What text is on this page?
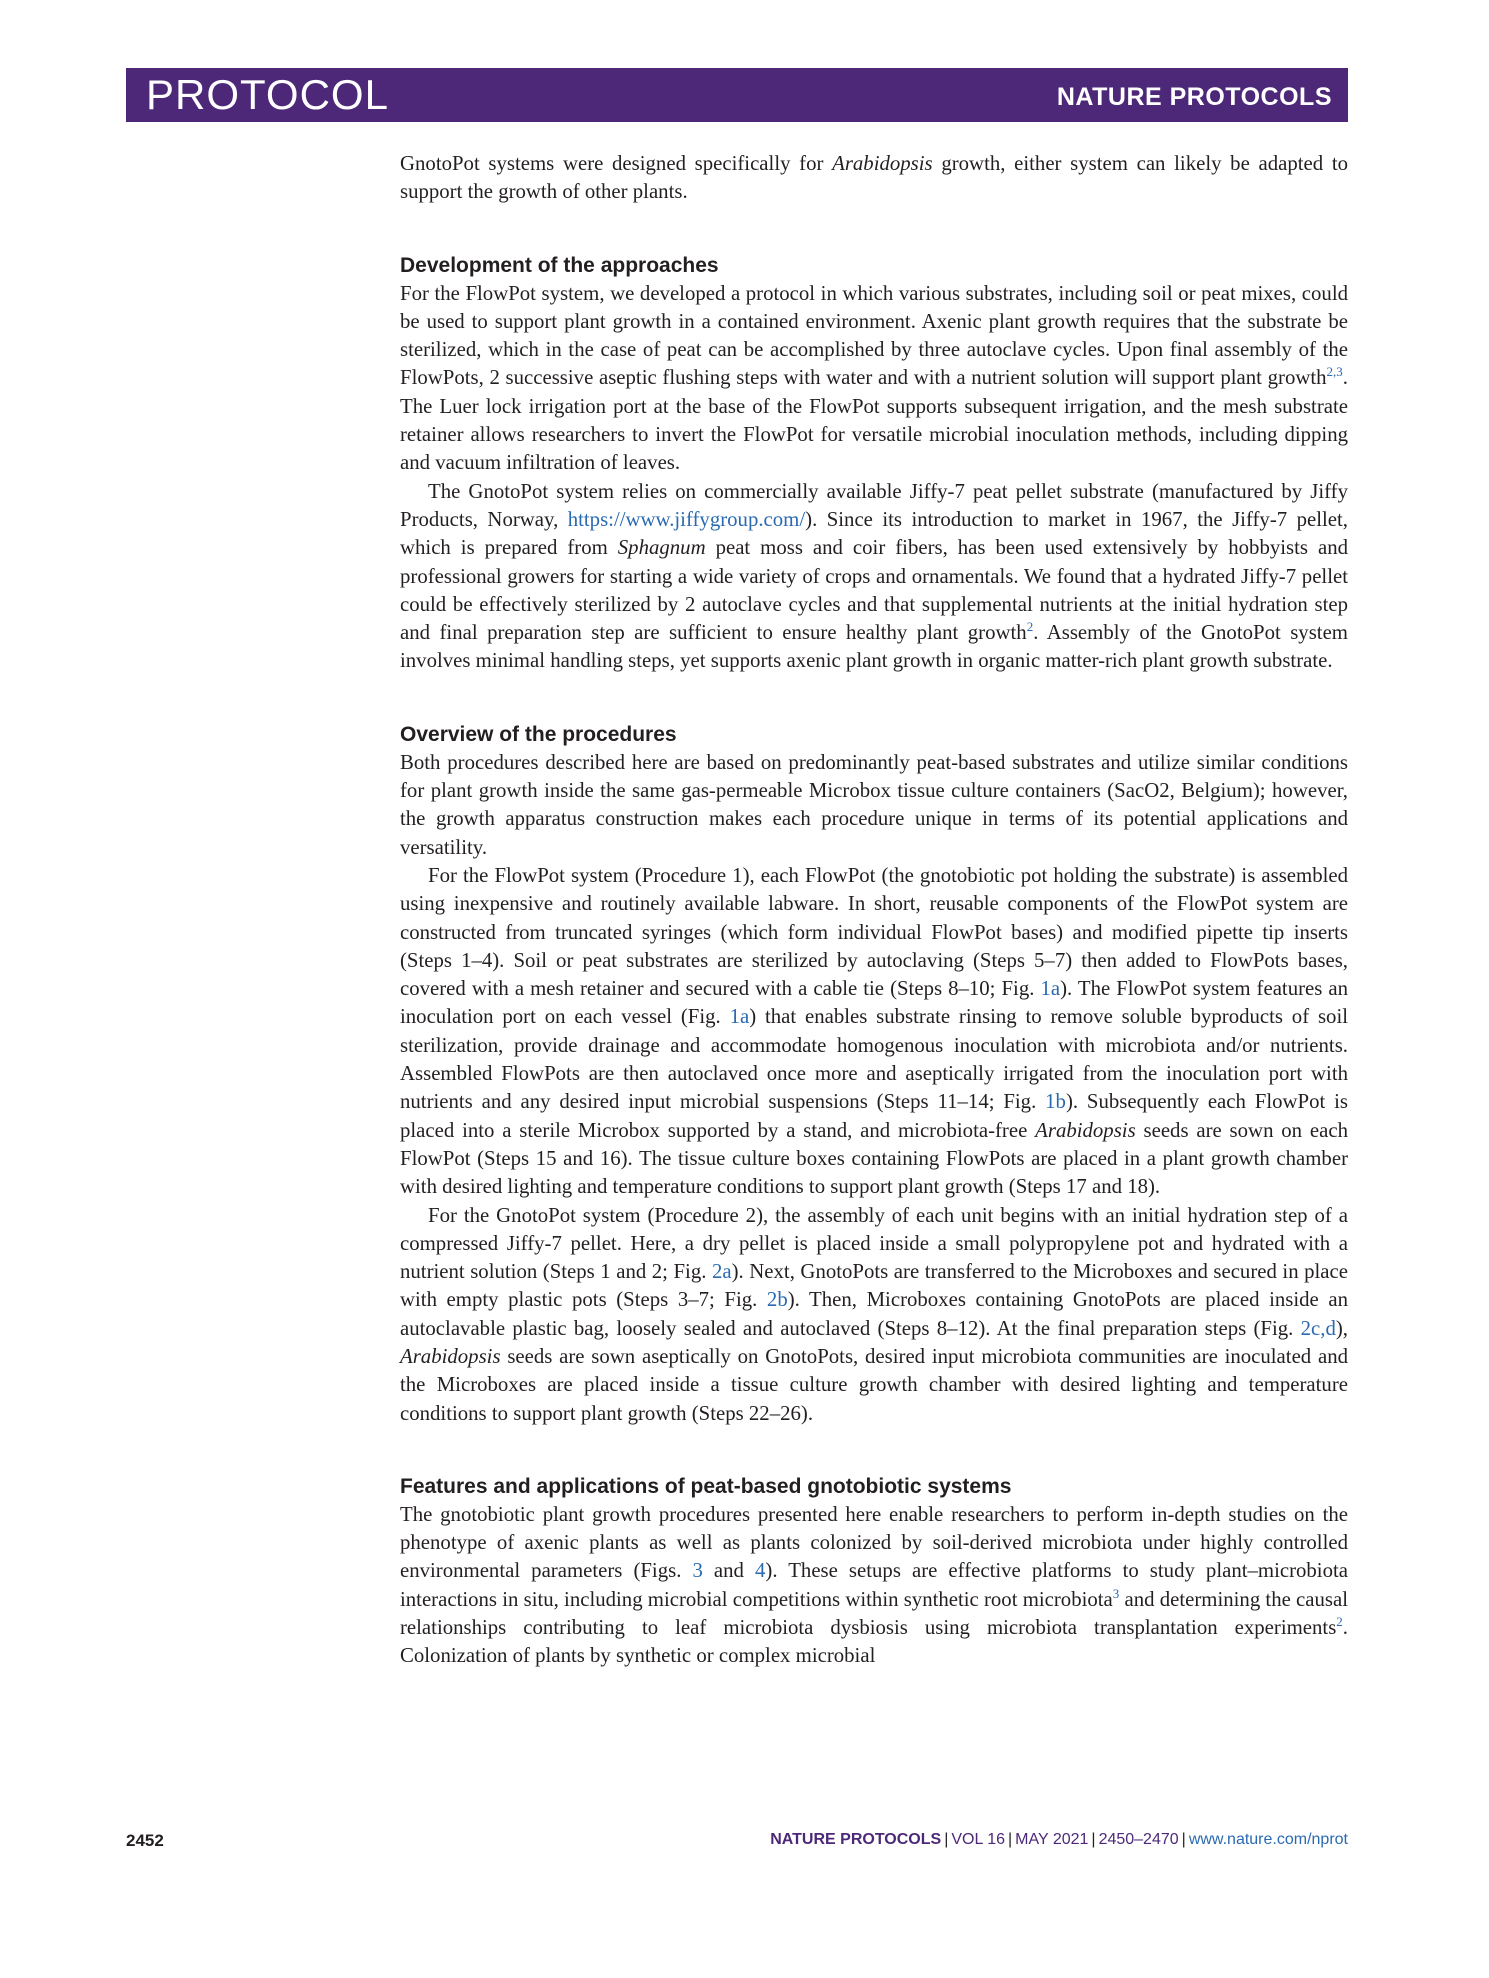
PROTOCOL	NATURE PROTOCOLS

GnotoPot systems were designed specifically for Arabidopsis growth, either system can likely be adapted to support the growth of other plants.

Development of the approaches

For the FlowPot system, we developed a protocol in which various substrates, including soil or peat mixes, could be used to support plant growth in a contained environment. Axenic plant growth requires that the substrate be sterilized, which in the case of peat can be accomplished by three autoclave cycles. Upon final assembly of the FlowPots, 2 successive aseptic flushing steps with water and with a nutrient solution will support plant growth$^{2,3}$. The Luer lock irrigation port at the base of the FlowPot supports subsequent irrigation, and the mesh substrate retainer allows researchers to invert the FlowPot for versatile microbial inoculation methods, including dipping and vacuum infiltration of leaves.

The GnotoPot system relies on commercially available Jiffy-7 peat pellet substrate (manufactured by Jiffy Products, Norway, https://www.jiffygroup.com/). Since its introduction to market in 1967, the Jiffy-7 pellet, which is prepared from Sphagnum peat moss and coir fibers, has been used extensively by hobbyists and professional growers for starting a wide variety of crops and ornamentals. We found that a hydrated Jiffy-7 pellet could be effectively sterilized by 2 autoclave cycles and that supplemental nutrients at the initial hydration step and final preparation step are sufficient to ensure healthy plant growth$^2$. Assembly of the GnotoPot system involves minimal handling steps, yet supports axenic plant growth in organic matter-rich plant growth substrate.

Overview of the procedures

Both procedures described here are based on predominantly peat-based substrates and utilize similar conditions for plant growth inside the same gas-permeable Microbox tissue culture containers (SacO2, Belgium); however, the growth apparatus construction makes each procedure unique in terms of its potential applications and versatility.

For the FlowPot system (Procedure 1), each FlowPot (the gnotobiotic pot holding the substrate) is assembled using inexpensive and routinely available labware. In short, reusable components of the FlowPot system are constructed from truncated syringes (which form individual FlowPot bases) and modified pipette tip inserts (Steps 1–4). Soil or peat substrates are sterilized by autoclaving (Steps 5–7) then added to FlowPots bases, covered with a mesh retainer and secured with a cable tie (Steps 8–10; Fig. 1a). The FlowPot system features an inoculation port on each vessel (Fig. 1a) that enables substrate rinsing to remove soluble byproducts of soil sterilization, provide drainage and accommodate homogenous inoculation with microbiota and/or nutrients. Assembled FlowPots are then autoclaved once more and aseptically irrigated from the inoculation port with nutrients and any desired input microbial suspensions (Steps 11–14; Fig. 1b). Subsequently each FlowPot is placed into a sterile Microbox supported by a stand, and microbiota-free Arabidopsis seeds are sown on each FlowPot (Steps 15 and 16). The tissue culture boxes containing FlowPots are placed in a plant growth chamber with desired lighting and temperature conditions to support plant growth (Steps 17 and 18).

For the GnotoPot system (Procedure 2), the assembly of each unit begins with an initial hydration step of a compressed Jiffy-7 pellet. Here, a dry pellet is placed inside a small polypropylene pot and hydrated with a nutrient solution (Steps 1 and 2; Fig. 2a). Next, GnotoPots are transferred to the Microboxes and secured in place with empty plastic pots (Steps 3–7; Fig. 2b). Then, Microboxes containing GnotoPots are placed inside an autoclavable plastic bag, loosely sealed and autoclaved (Steps 8–12). At the final preparation steps (Fig. 2c,d), Arabidopsis seeds are sown aseptically on GnotoPots, desired input microbiota communities are inoculated and the Microboxes are placed inside a tissue culture growth chamber with desired lighting and temperature conditions to support plant growth (Steps 22–26).

Features and applications of peat-based gnotobiotic systems

The gnotobiotic plant growth procedures presented here enable researchers to perform in-depth studies on the phenotype of axenic plants as well as plants colonized by soil-derived microbiota under highly controlled environmental parameters (Figs. 3 and 4). These setups are effective platforms to study plant–microbiota interactions in situ, including microbial competitions within synthetic root microbiota$^3$ and determining the causal relationships contributing to leaf microbiota dysbiosis using microbiota transplantation experiments$^2$. Colonization of plants by synthetic or complex microbial

2452	NATURE PROTOCOLS | VOL 16 | MAY 2021 | 2450–2470 | www.nature.com/nprot
